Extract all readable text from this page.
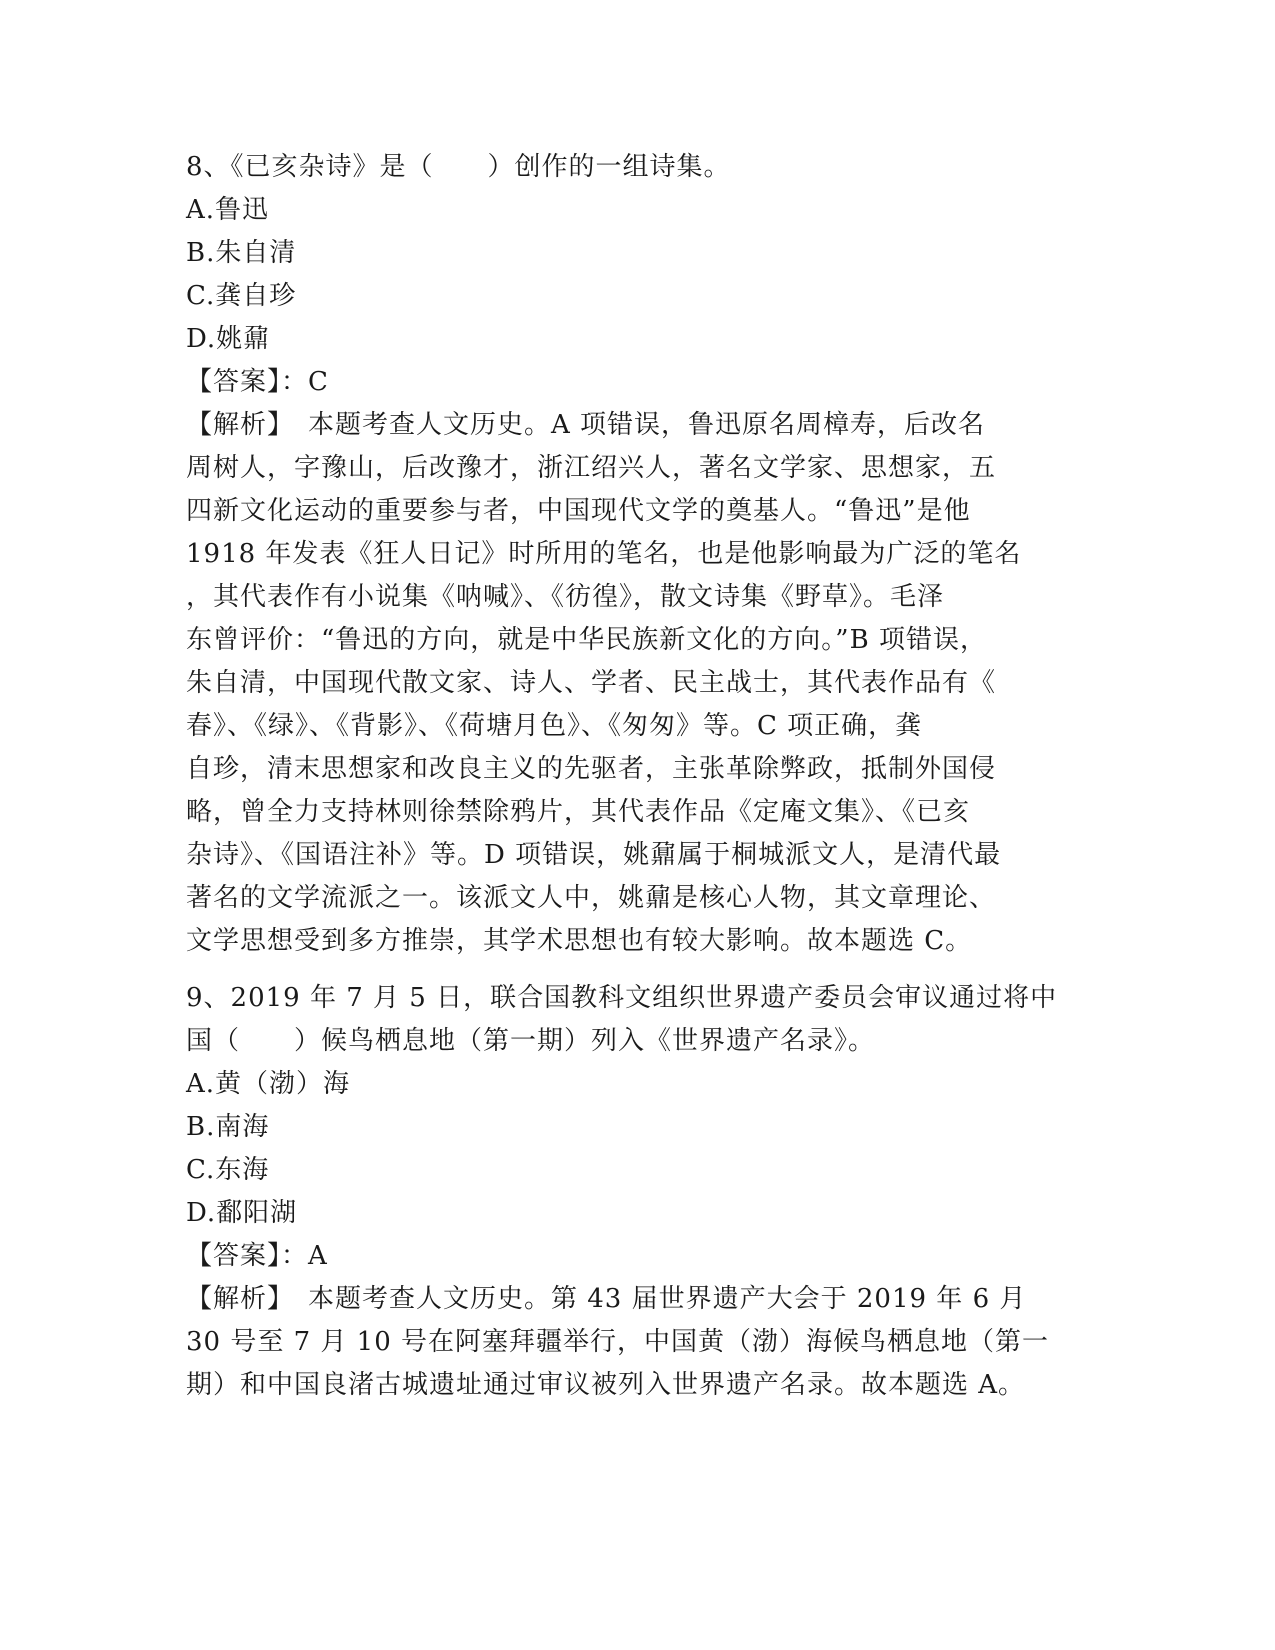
8、《已亥杂诗》是（　　）创作的一组诗集。
A.鲁迅
B.朱自清
C.龚自珍
D.姚鼐
【答案】：C
【解析】　本题考查人文历史。A 项错误，鲁迅原名周樟寿，后改名
周树人，字豫山，后改豫才，浙江绍兴人，著名文学家、思想家，五
四新文化运动的重要参与者，中国现代文学的奠基人。“鲁迅”是他
1918 年发表《狂人日记》时所用的笔名，也是他影响最为广泛的笔名
，其代表作有小说集《呐喊》、《彷徨》，散文诗集《野草》。毛泽
东曾评价：“鲁迅的方向，就是中华民族新文化的方向。”B 项错误，
朱自清，中国现代散文家、诗人、学者、民主战士，其代表作品有《
春》、《绿》、《背影》、《荷塘月色》、《匆匆》等。C 项正确，龚
自珍，清末思想家和改良主义的先驱者，主张革除弊政，抵制外国侵
略，曾全力支持林则徐禁除鸦片，其代表作品《定庵文集》、《已亥
杂诗》、《国语注补》等。D 项错误，姚鼐属于桐城派文人，是清代最
著名的文学流派之一。该派文人中，姚鼐是核心人物，其文章理论、
文学思想受到多方推崇，其学术思想也有较大影响。故本题选 C。
9、2019 年 7 月 5 日，联合国教科文组织世界遗产委员会审议通过将中
国（　　）候鸟栖息地（第一期）列入《世界遗产名录》。
A.黄（渤）海
B.南海
C.东海
D.鄱阳湖
【答案】：A
【解析】　本题考查人文历史。第 43 届世界遗产大会于 2019 年 6 月
30 号至 7 月 10 号在阿塞拜疆举行，中国黄（渤）海候鸟栖息地（第一
期）和中国良渚古城遗址通过审议被列入世界遗产名录。故本题选 A。
